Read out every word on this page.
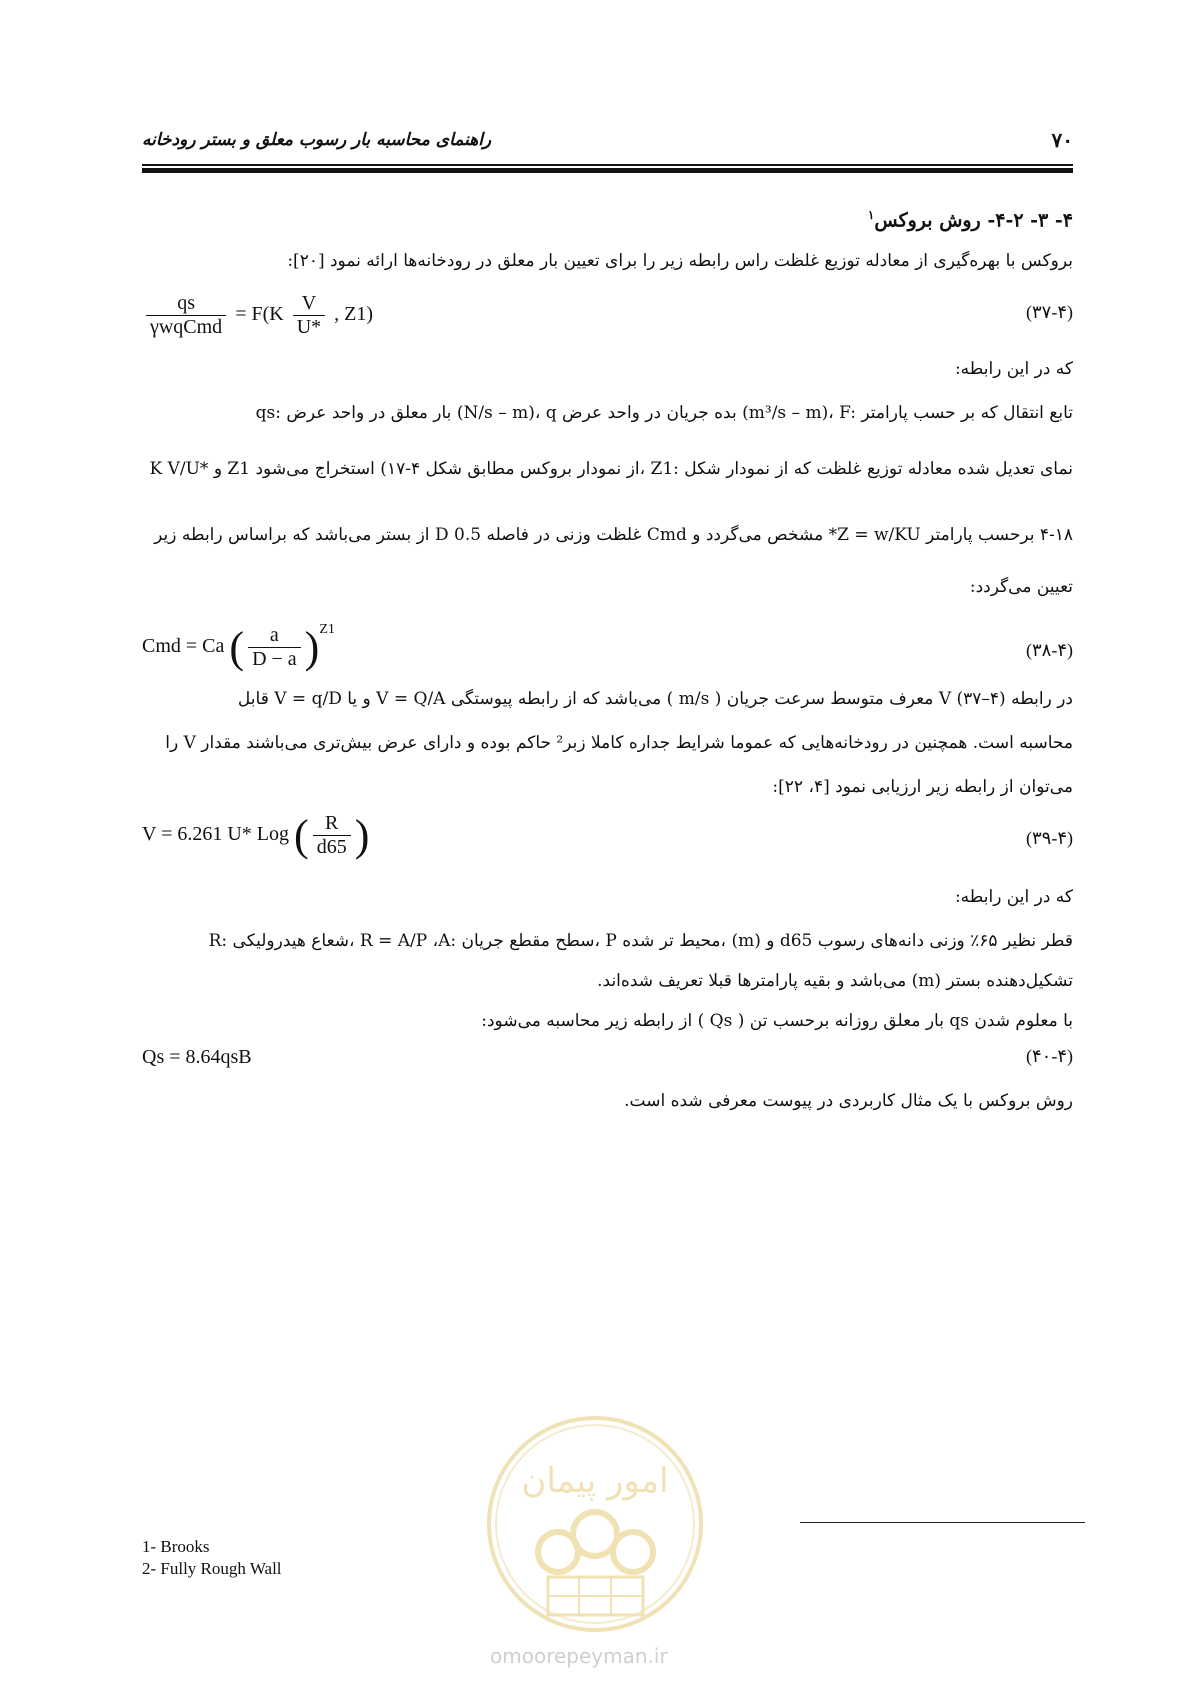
راهنمای محاسبه بار رسوب معلق و بستر رودخانه	۷۰
۴- ۳- ۴-۲- روش بروکس$^۱$
بروکس با بهره‌گیری از معادله توزیع غلظت راس رابطه زیر را برای تعیین بار معلق در رودخانه‌ها ارائه نمود [۲۰]:
$\frac{qs}{\text{γwqCmd}} = F(K \frac{V}{U*}$ , Z1)	(۳۷-۴)
که در این رابطه:
qs: بار معلق در واحد عرض (N/s – m)، q بده جریان در واحد عرض (m³/s – m)، F: تابع انتقال که بر حسب پارامتر
K V/U* و Z1 از نمودار بروکس مطابق شکل ۴-۱۷) استخراج می‌شود، Z1: نمای تعدیل شده معادله توزیع غلظت که از نمودار شکل
۴-۱۸ برحسب پارامتر Z = w/KU* مشخص می‌گردد و Cmd غلظت وزنی در فاصله 0.5 D از بستر می‌باشد که براساس رابطه زیر
تعیین می‌گردد:
Cmd = Ca ( $\frac{a}{D - a} )^{Z1}$
(۳۸-۴)
در رابطه (۴–۳۷) V معرف متوسط سرعت جریان ( m/s ) می‌باشد که از رابطه پیوستگی V = Q/A و یا V = q/D قابل
محاسبه است. همچنین در رودخانه‌هایی که عموما شرایط جداره کاملا زبر² حاکم بوده و دارای عرض بیش‌تری می‌باشند مقدار V را
می‌توان از رابطه زیر ارزیابی نمود [۴، ۲۲]:
V = 6.261 U* Log ( $\frac{R}{d65}$ )	(۳۹-۴)
که در این رابطه:
R: شعاع هیدرولیکی، R = A/P ،A: سطح مقطع جریان، P محیط تر شده، (m) و d65 قطر نظیر ۶۵٪ وزنی دانه‌های رسوب
تشکیل‌دهنده بستر (m) می‌باشد و بقیه پارامترها قبلا تعریف شده‌اند.
با معلوم شدن qs بار معلق روزانه برحسب تن ( Qs ) از رابطه زیر محاسبه می‌شود:
Qs = 8.64qsB	(۴۰-۴)
روش بروکس با یک مثال کاربردی در پیوست معرفی شده است.
امور پیمان
omoorepeyman.ir
1- Brooks
2- Fully Rough Wall
